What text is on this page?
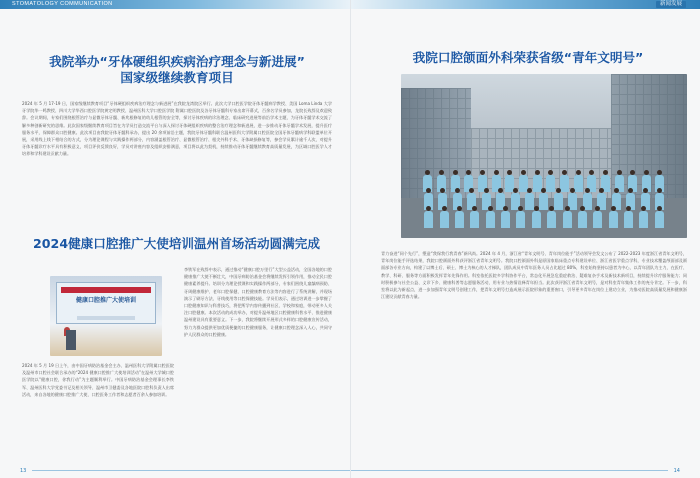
STOMATOLOGY COMMUNICATION
我院举办“牙体硬组织疾病治疗理念与新进展”
国家级继续教育项目
2024 年 5 月 17-19 日，国家级继续教育项目“牙体硬组织疾病治疗理念与新进展”在我院龙湾院区举行。此次大学口腔医学院牙体牙髓病学教授、美国 Loma Linda 大学牙学院华一鸣教授、四川大学华西口腔医学院黄定明教授、温州医科大学口腔医学院 附属口腔医院及各牙体牙髓科专家出席开幕式，百余名学员参加，龙院长致辞及欢迎致辞。会议期间，专家们围绕根管治疗与显微牙体牙髓、新兆根修复的幼儿根管的安全等，探讨牙体疾病的诊治理念、临床研究进展等前沿学术主题，为牙体牙髓学术交流了解多种创新研究的思维。此次国家级继续教育项目旨在为学员打造交流平台与深入探讨牙体硬组织疾病的整合治疗理念和新进展，进一步推动牙体牙髓学术发展，提升医疗服务水平，保障群众口腔健康。此次项目由我院牙体牙髓科承办，提出 20 余项前沿主题，我院牙体牙髓科联合温州医科大学附属口腔医院全国牙体牙髓病学科联盟单位开展，采用线上线下相结合的方式，分为理论课程与实践操作两部分，内容涵盖根管治疗、显微根管治疗、根尖外科手术、牙体缺损修复等，参会学员累计逾千人次，对提升牙体牙髓诊疗水平具有积极意义，项目评价反馈良好，学员对讲座内容及组织安排满意，项目将以此为契机，持续推动牙体牙髓继续教育高质量发展，为区域口腔医学人才培养和学科建设贡献力量。
2024健康口腔推广大使培训温州首场活动圆满完成
健康口腔推广大使培训
2024 年 5 月 19 日上午，由中国牙病防治基金会主办、温州医科大学附属口腔医院及温州市口腔社会联合承办的“2024 健康口腔推广大使培训活动”在温州大学城口腔医学院以“健康口腔，你我行动”为主题顺利举行。中国牙病防治基金会理事长李铁军、温州医科大学党委书记及相关领导、温州市卫健委及各地医院口腔科负责人出席活动，来自各地的健康口腔推广大使、口腔医务工作者和志愿者百余人参加培训。
李铁军在致辞中表示，通过推动“健康口腔万里行”大型公益活动，全国各地的口腔健康推广大使不断壮大，中国牙病防治基金会将继续发挥引领作用，推动全民口腔健康素养提升。培训分为理论授课和实践操作两部分，专家们围绕儿童龋病预防、牙周健康维护、老年口腔保健、口腔健康教育方法等内容进行了系统讲解，并现场演示了刷牙方法、牙线使用等口腔保健技能。学员们表示，通过培训进一步掌握了口腔健康知识与科普技巧，将把所学内容传播到社区、学校和家庭，带动更多人关注口腔健康。本次活动的成功举办，对提升温州地区口腔健康科普水平、推进健康温州建设具有重要意义。下一步，我院将继续开展形式多样的口腔健康宣传活动，努力为群众提供更加优质便捷的口腔健康服务，让健康口腔理念深入人心，共同守护人民群众的口腔健康。
13
新闻发展
我院口腔颌面外科荣获省级“青年文明号”
青力奋进“同个先行”，塑造“我保我行我青春”新风尚。2024 年 4 月，浙江省“青年文明号、青年岗位能手”活动领导会发文公布了 2022-2023 年度浙江省青年文明号，青年岗位能手评选结果，我院口腔颌面外科获评浙江省青年文明号。我院口腔颌面外科是原国家临床重点专科建设单位、浙江省医学重点学科，专业技术覆盖颅面部及颌面部各专业方向，构建了以博士后、硕士、博士为核心的人才梯队，团队成员中青年医务人员占比超过 80%，科室始终坚持以患者为中心，以青年团队为主力，在医疗、教学、科研、服务等方面积极发挥青年先锋作用。科室依托医院多学科协作平台，常态化开展急危重症救治、疑难复杂手术及新技术新项目，持续提升诊疗服务能力；同时积极参与社会公益、义诊下乡、健康科普等志愿服务活动，用专业与热情诠释青年担当。此次获评浙江省青年文明号，是对科室青年集体工作的充分肯定。下一步，科室将以此为新起点，进一步加强青年文明号创建工作，把青年文明号打造成展示医院形象的重要窗口，引导更多青年在岗位上建功立业，为推动医院高质量发展和健康浙江建设贡献青春力量。
14
